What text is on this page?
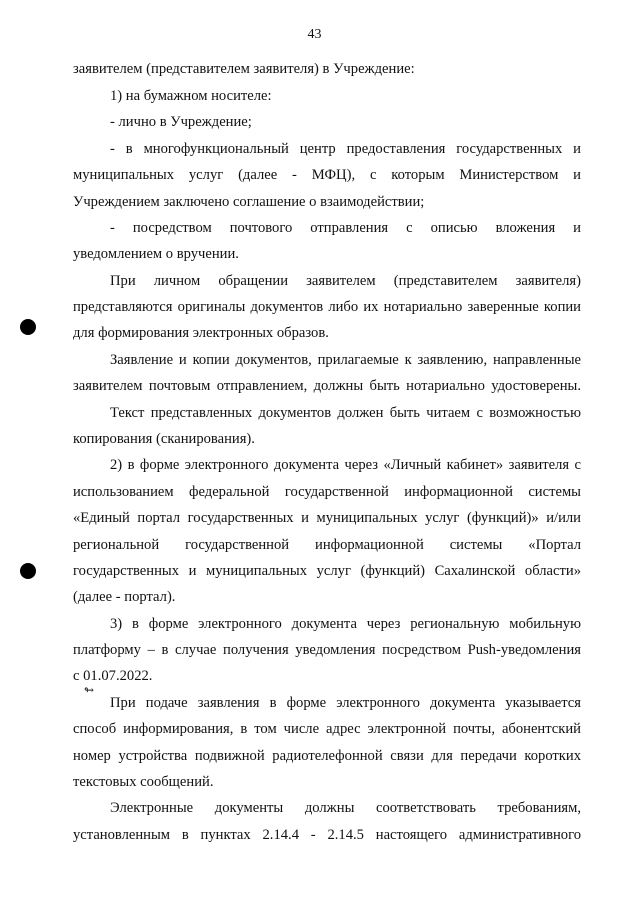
43
↬
заявителем (представителем заявителя) в Учреждение:
1) на бумажном носителе:
- лично в Учреждение;
- в многофункциональный центр предоставления государственных и
муниципальных услуг (далее - МФЦ), с которым Министерством и
Учреждением заключено соглашение о взаимодействии;
- посредством почтового отправления с описью вложения и
уведомлением о вручении.
При личном обращении заявителем (представителем заявителя)
представляются оригиналы документов либо их нотариально заверенные копии
для формирования электронных образов.
Заявление и копии документов, прилагаемые к заявлению, направленные
заявителем почтовым отправлением, должны быть нотариально удостоверены.
Текст представленных документов должен быть читаем с возможностью
копирования (сканирования).
2) в форме электронного документа через «Личный кабинет» заявителя с
использованием федеральной государственной информационной системы
«Единый портал государственных и муниципальных услуг (функций)» и/или
региональной государственной информационной системы «Портал
государственных и муниципальных услуг (функций) Сахалинской области»
(далее - портал).
3) в форме электронного документа через региональную мобильную
платформу – в случае получения уведомления посредством Push-уведомления
с 01.07.2022.
При подаче заявления в форме электронного документа указывается
способ информирования, в том числе адрес электронной почты, абонентский
номер устройства подвижной радиотелефонной связи для передачи коротких
текстовых сообщений.
Электронные документы должны соответствовать требованиям,
установленным в пунктах 2.14.4 - 2.14.5 настоящего административного
